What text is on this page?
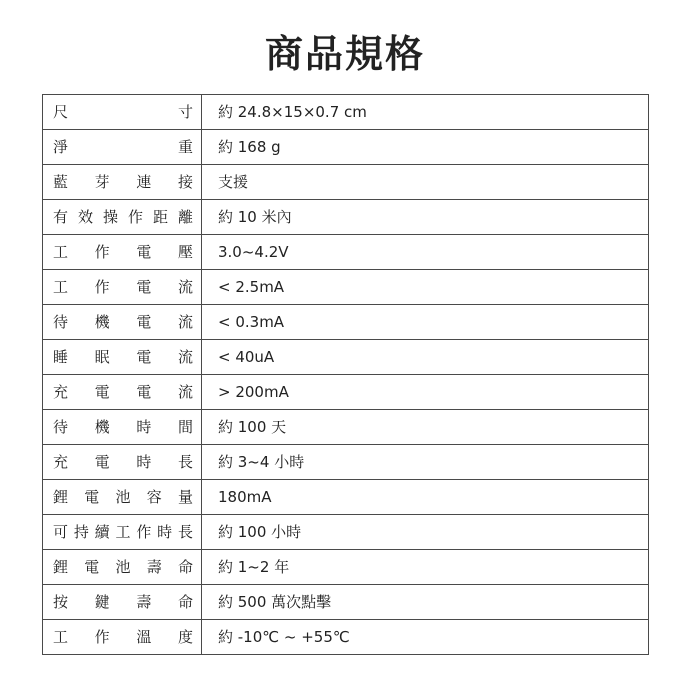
商品規格
尺 寸	約 24.8×15×0.7 cm
淨 重	約 168 g
藍 芽 連 接	支援
有 效 操 作 距 離	約 10 米內
工 作 電 壓	3.0~4.2V
工 作 電 流	< 2.5mA
待 機 電 流	< 0.3mA
睡 眠 電 流	< 40uA
充 電 電 流	> 200mA
待 機 時 間	約 100 天
充 電 時 長	約 3~4 小時
鋰 電 池 容 量	180mA
可 持 續 工 作 時 長	約 100 小時
鋰 電 池 壽 命	約 1~2 年
按 鍵 壽 命	約 500 萬次點擊
工 作 溫 度	約 -10℃ ~ +55℃
